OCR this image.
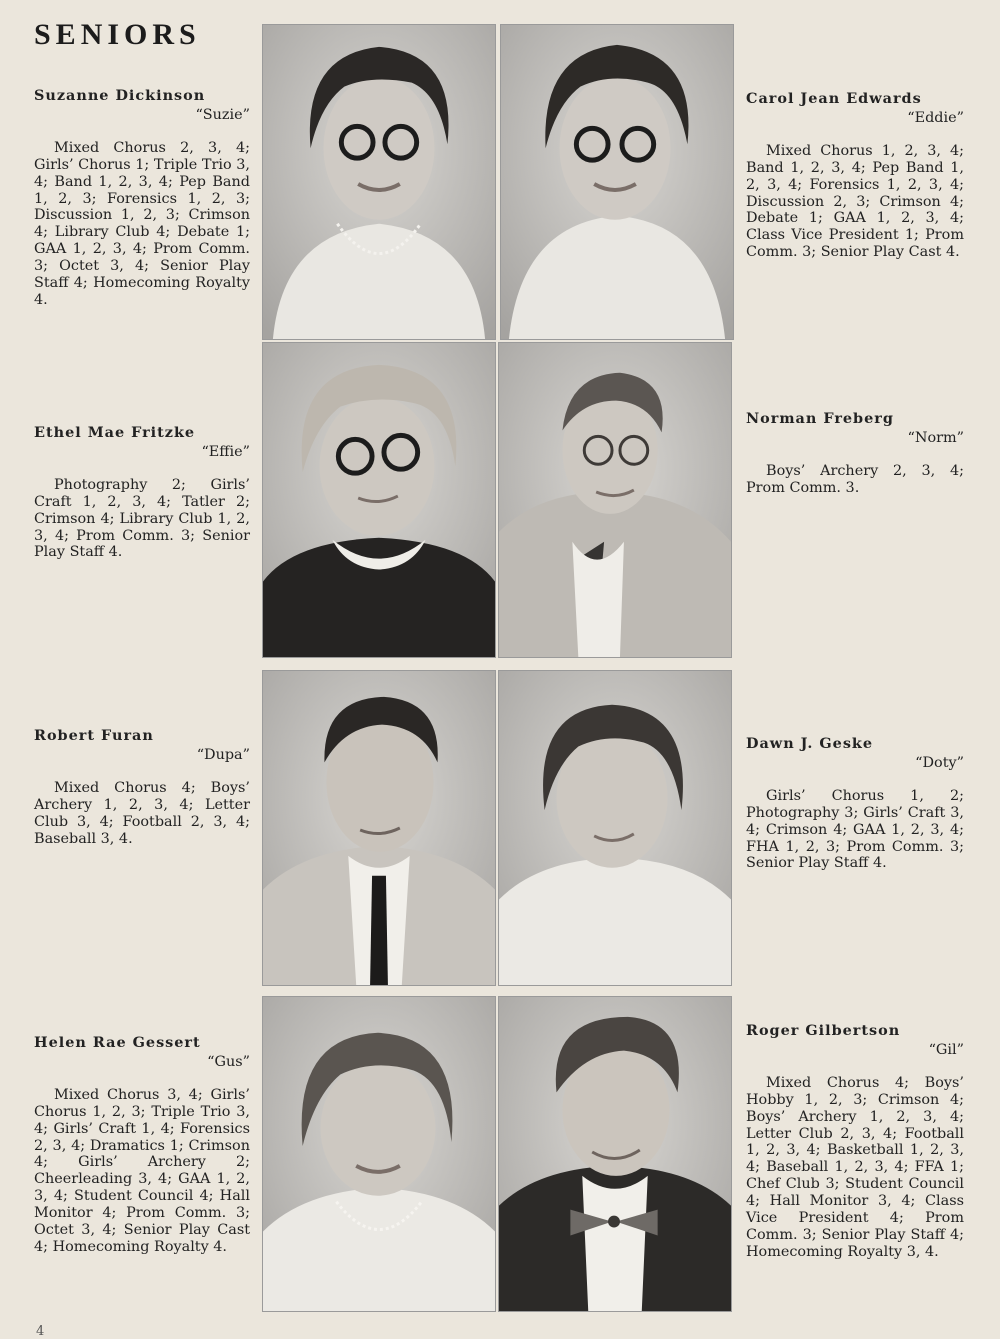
SENIORS

Suzanne Dickinson

“Suzie”

Mixed Chorus 2, 3, 4; Girls’ Chorus 1; Triple Trio 3, 4; Band 1, 2, 3, 4; Pep Band 1, 2, 3; Forensics 1, 2, 3; Discussion 1, 2, 3; Crimson 4; Library Club 4; Debate 1; GAA 1, 2, 3, 4; Prom Comm. 3; Octet 3, 4; Senior Play Staff 4; Homecoming Royalty 4.

Carol Jean Edwards

“Eddie”

Mixed Chorus 1, 2, 3, 4; Band 1, 2, 3, 4; Pep Band 1, 2, 3, 4; Forensics 1, 2, 3, 4; Discussion 2, 3; Crimson 4; Debate 1; GAA 1, 2, 3, 4; Class Vice President 1; Prom Comm. 3; Senior Play Cast 4.

Ethel Mae Fritzke

“Effie”

Photography 2; Girls’ Craft 1, 2, 3, 4; Tatler 2; Crimson 4; Library Club 1, 2, 3, 4; Prom Comm. 3; Senior Play Staff 4.

Norman Freberg

“Norm”

Boys’ Archery 2, 3, 4; Prom Comm. 3.

Robert Furan

“Dupa”

Mixed Chorus 4; Boys’ Archery 1, 2, 3, 4; Letter Club 3, 4; Football 2, 3, 4; Baseball 3, 4.

Dawn J. Geske

“Doty”

Girls’ Chorus 1, 2; Photography 3; Girls’ Craft 3, 4; Crimson 4; GAA 1, 2, 3, 4; FHA 1, 2, 3; Prom Comm. 3; Senior Play Staff 4.

Helen Rae Gessert

“Gus”

Mixed Chorus 3, 4; Girls’ Chorus 1, 2, 3; Triple Trio 3, 4; Girls’ Craft 1, 4; Forensics 2, 3, 4; Dramatics 1; Crimson 4; Girls’ Archery 2; Cheerleading 3, 4; GAA 1, 2, 3, 4; Student Council 4; Hall Monitor 4; Prom Comm. 3; Octet 3, 4; Senior Play Cast 4; Homecoming Royalty 4.

Roger Gilbertson

“Gil”

Mixed Chorus 4; Boys’ Hobby 1, 2, 3; Crimson 4; Boys’ Archery 1, 2, 3, 4; Letter Club 2, 3, 4; Football 1, 2, 3, 4; Basketball 1, 2, 3, 4; Baseball 1, 2, 3, 4; FFA 1; Chef Club 3; Student Council 4; Hall Monitor 3, 4; Class Vice President 4; Prom Comm. 3; Senior Play Staff 4; Homecoming Royalty 3, 4.

4
